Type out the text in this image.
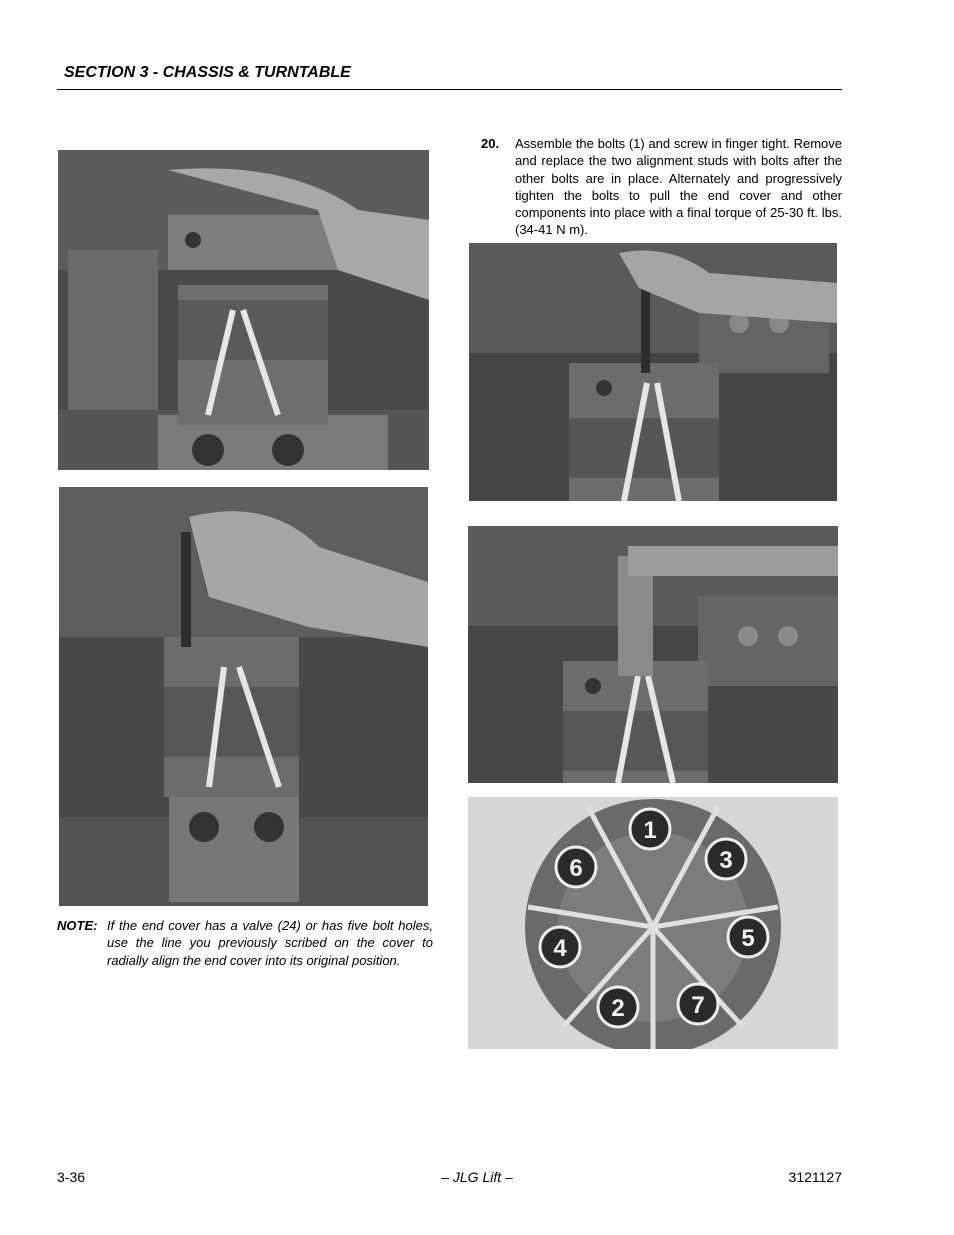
SECTION 3 - CHASSIS & TURNTABLE
20. Assemble the bolts (1) and screw in finger tight. Remove and replace the two alignment studs with bolts after the other bolts are in place. Alternately and progressively tighten the bolts to pull the end cover and other components into place with a final torque of 25-30 ft. lbs. (34-41 N m).
1
3
5
7
2
4
6
NOTE: If the end cover has a valve (24) or has five bolt holes, use the line you previously scribed on the cover to radially align the end cover into its original position.
3-36	– JLG Lift –	3121127
